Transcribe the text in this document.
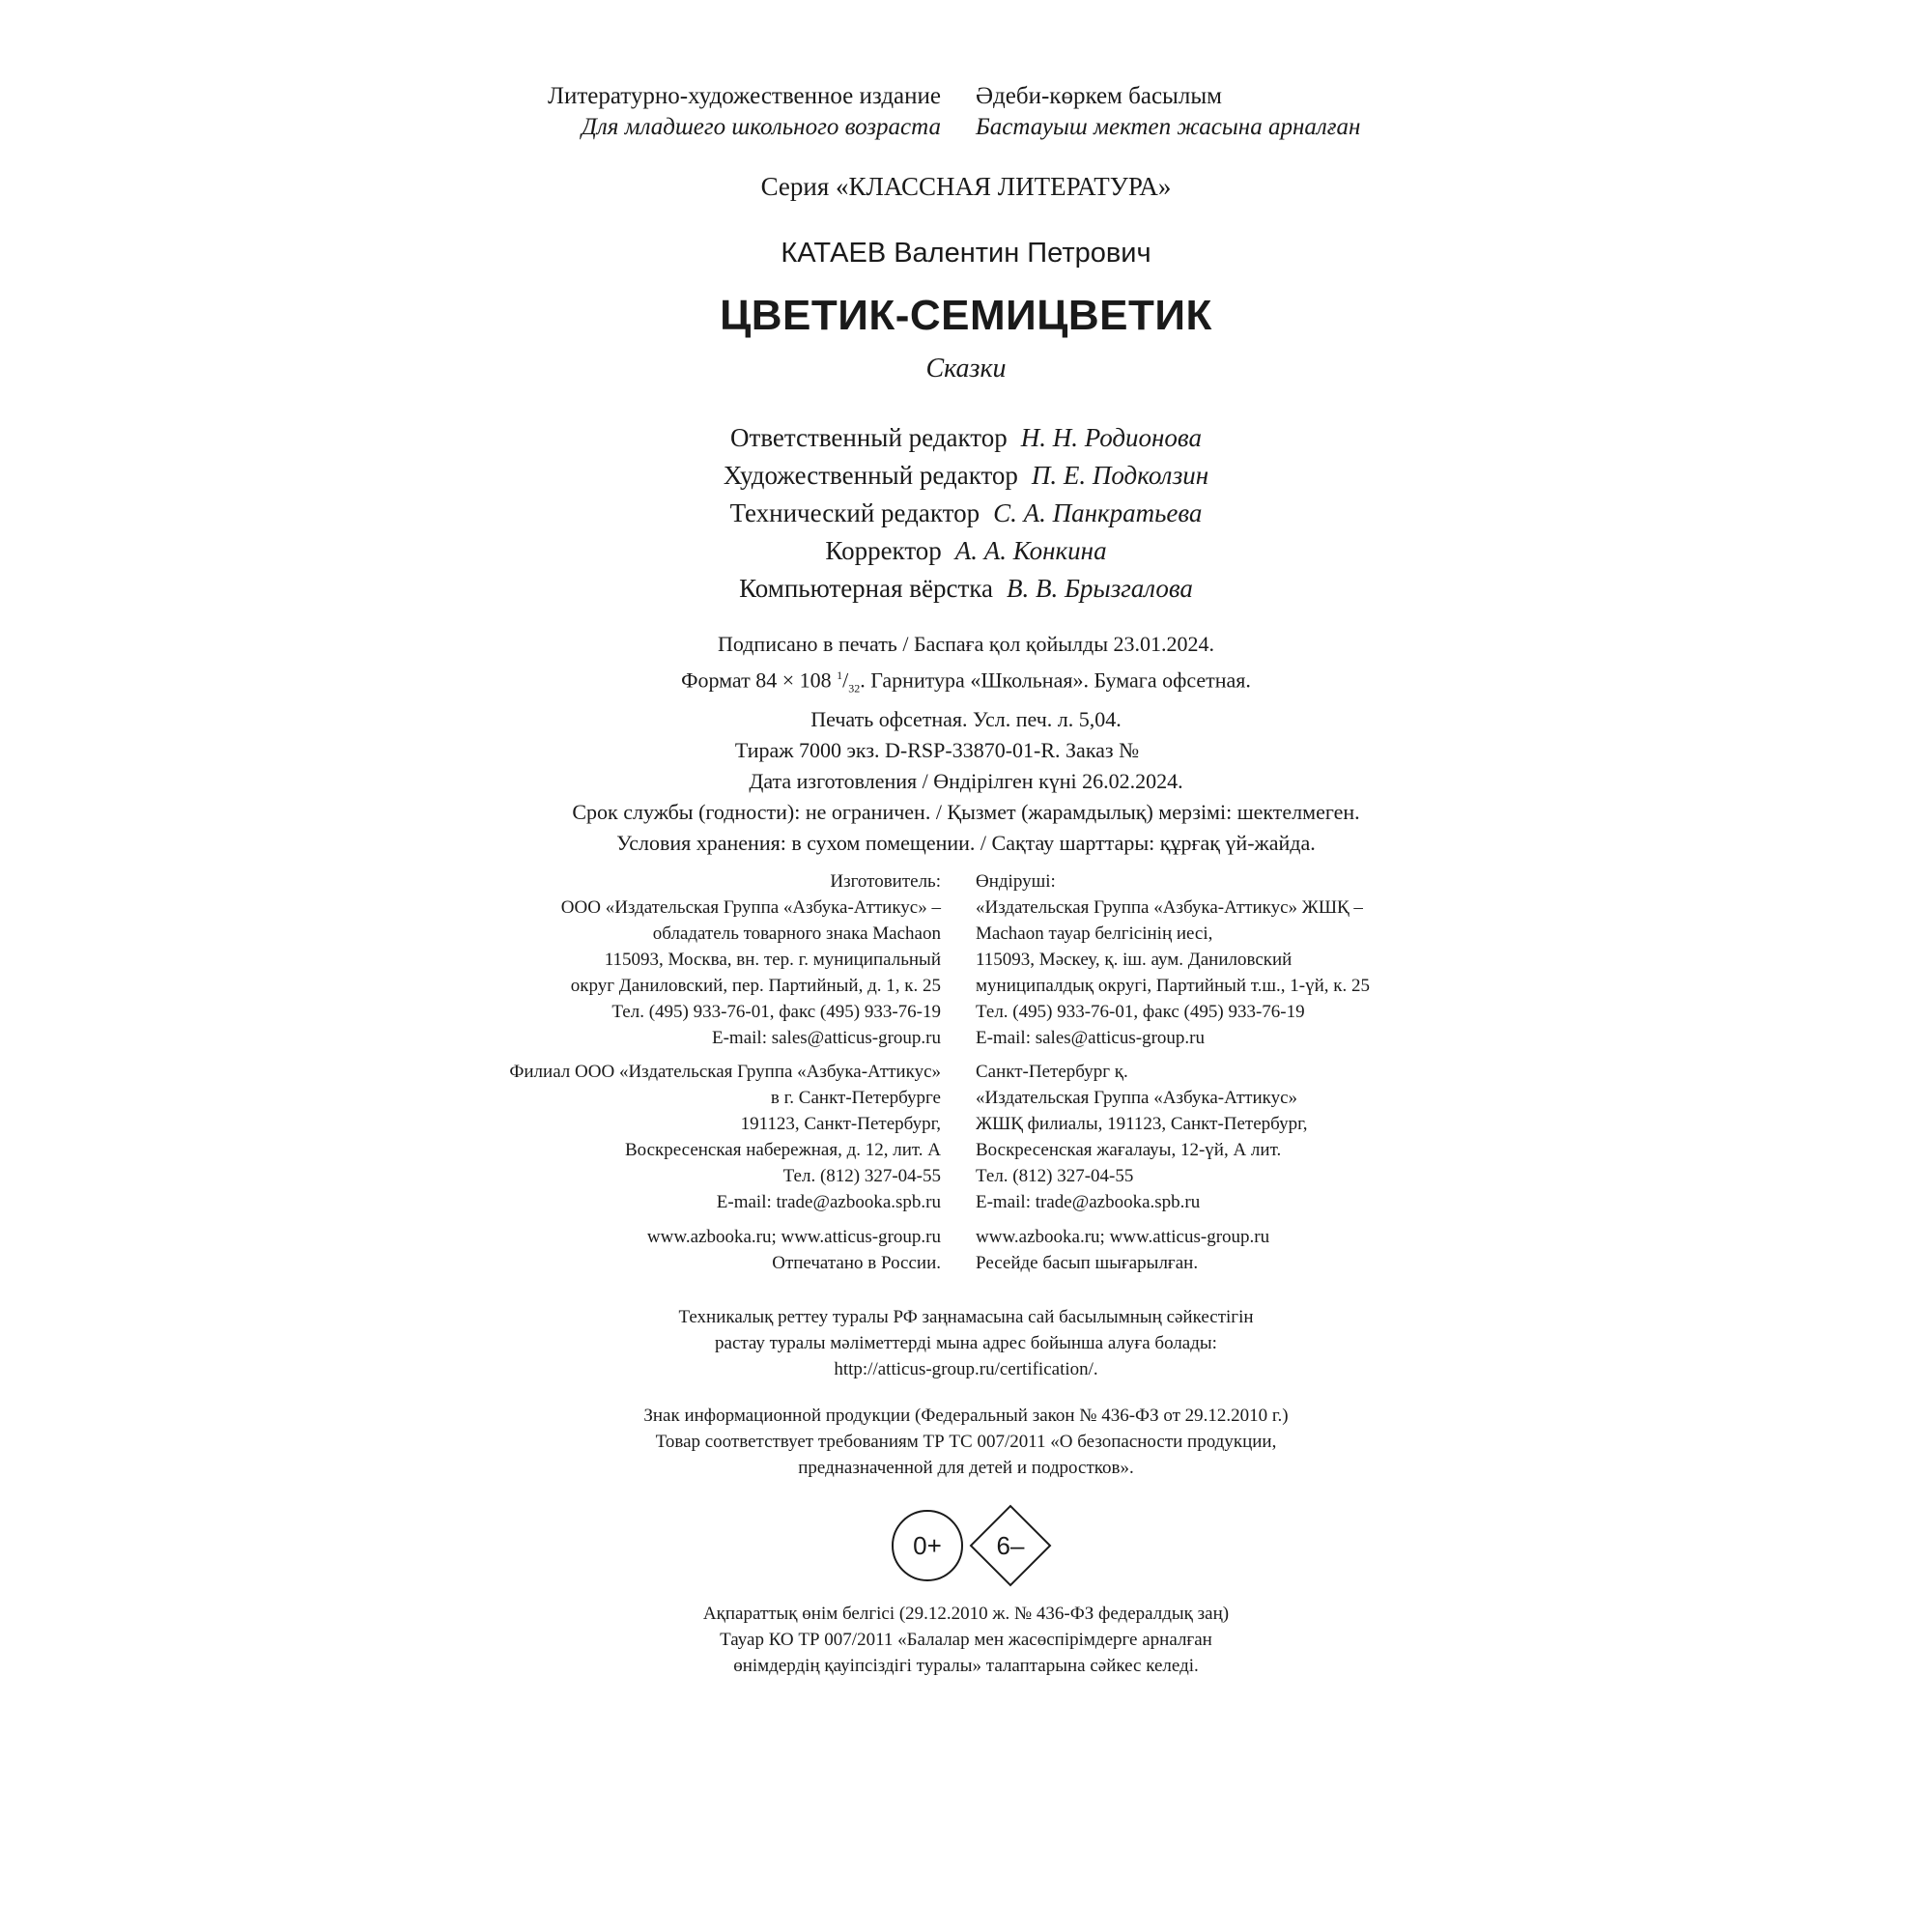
Литературно-художественное издание
Для младшего школьного возраста
Әдеби-көркем басылым
Бастауыш мектеп жасына арналған
Серия «КЛАССНАЯ ЛИТЕРАТУРА»
КАТАЕВ Валентин Петрович
ЦВЕТИК-СЕМИЦВЕТИК
Сказки
Ответственный редактор Н. Н. Родионова
Художественный редактор П. Е. Подколзин
Технический редактор С. А. Панкратьева
Корректор А. А. Конкина
Компьютерная вёрстка В. В. Брызгалова
Подписано в печать / Баспаға қол қойылды 23.01.2024.
Формат 84 × 108 $^1/_{32}$. Гарнитура «Школьная». Бумага офсетная.
Печать офсетная. Усл. печ. л. 5,04.
Тираж 7000 экз. D-RSP-33870-01-R. Заказ №
Дата изготовления / Өндірілген күні 26.02.2024.
Срок службы (годности): не ограничен. / Қызмет (жарамдылық) мерзімі: шектелмеген.
Условия хранения: в сухом помещении. / Сақтау шарттары: құрғақ үй-жайда.
Изготовитель:
ООО «Издательская Группа «Азбука-Аттикус» –
обладатель товарного знака Machaon
115093, Москва, вн. тер. г. муниципальный
округ Даниловский, пер. Партийный, д. 1, к. 25
Тел. (495) 933-76-01, факс (495) 933-76-19
E-mail: sales@atticus-group.ru
Өндіруші:
«Издательская Группа «Азбука-Аттикус» ЖШҚ –
Machaon тауар белгісінің иесі,
115093, Мәскеу, қ. іш. аум. Даниловский
муниципалдық округі, Партийный т.ш., 1-үй, к. 25
Тел. (495) 933-76-01, факс (495) 933-76-19
E-mail: sales@atticus-group.ru
Филиал ООО «Издательская Группа «Азбука-Аттикус»
в г. Санкт-Петербурге
191123, Санкт-Петербург,
Воскресенская набережная, д. 12, лит. А
Тел. (812) 327-04-55
E-mail: trade@azbooka.spb.ru
Санкт-Петербург қ.
«Издательская Группа «Азбука-Аттикус»
ЖШҚ филиалы, 191123, Санкт-Петербург,
Воскресенская жағалауы, 12-үй, А лит.
Тел. (812) 327-04-55
E-mail: trade@azbooka.spb.ru
www.azbooka.ru; www.atticus-group.ru
Отпечатано в России.
www.azbooka.ru; www.atticus-group.ru
Ресейде басып шығарылған.
Техникалық реттеу туралы РФ заңнамасына сай басылымның сәйкестігін
растау туралы мәліметтерді мына адрес бойынша алуға болады:
http://atticus-group.ru/certification/.
Знак информационной продукции (Федеральный закон № 436-ФЗ от 29.12.2010 г.)
Товар соответствует требованиям ТР ТС 007/2011 «О безопасности продукции,
предназначенной для детей и подростков».
0+ 6–
Ақпараттық өнім белгісі (29.12.2010 ж. № 436-ФЗ федералдық заң)
Тауар КО ТР 007/2011 «Балалар мен жасөспірімдерге арналған
өнімдердің қауіпсіздігі туралы» талаптарына сәйкес келеді.
